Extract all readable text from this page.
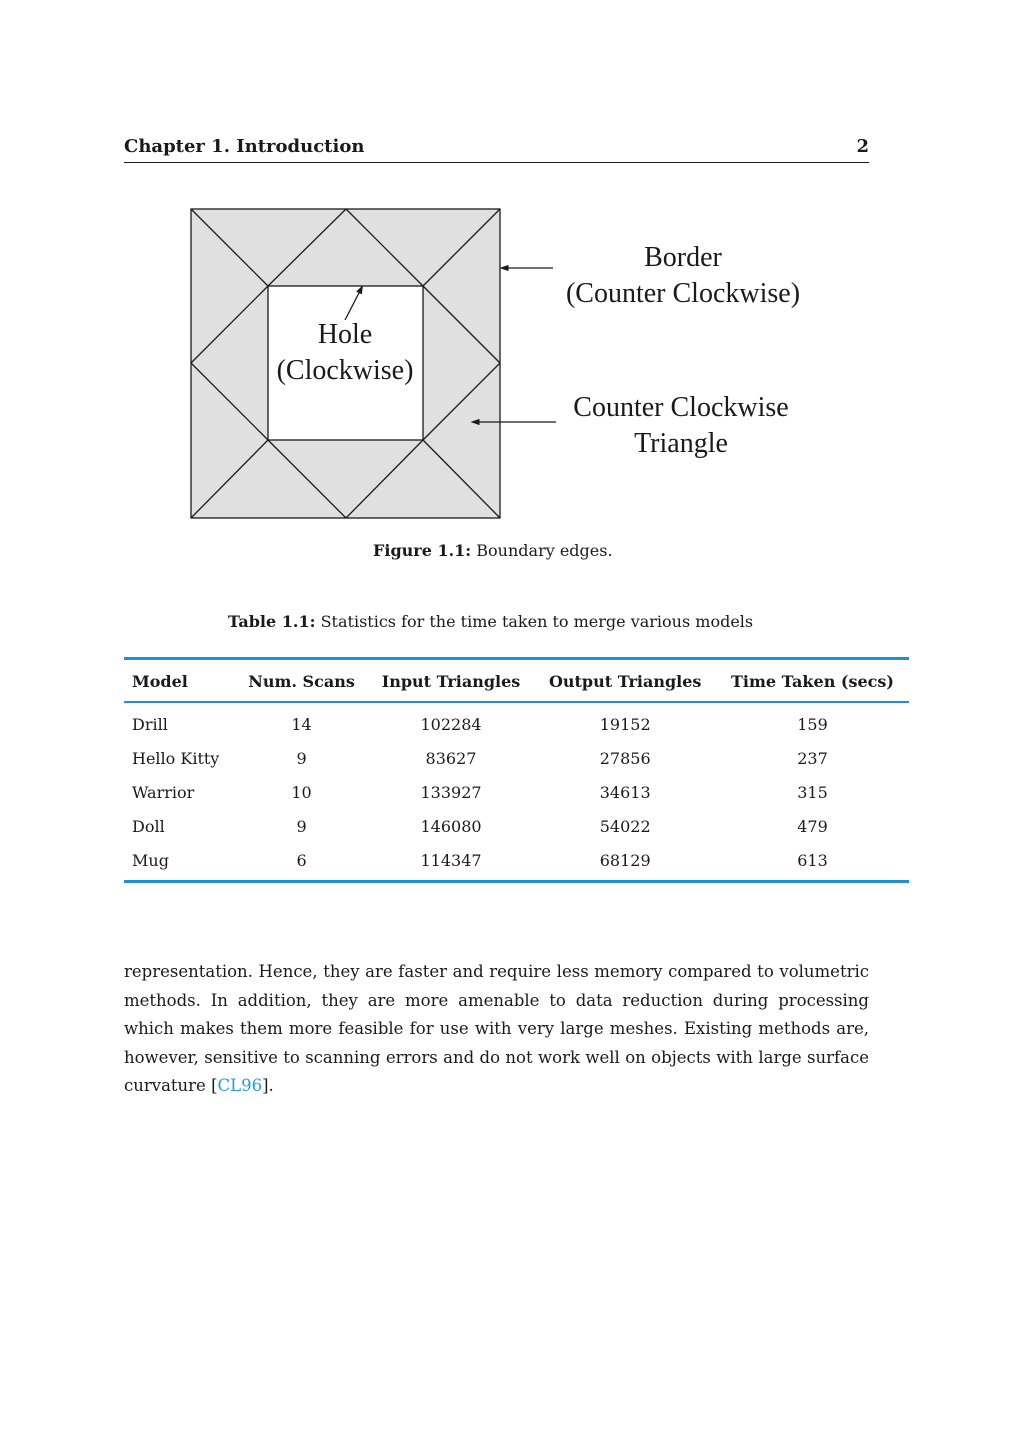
Chapter 1. Introduction	2
Border
(Counter Clockwise)
Hole
(Clockwise)
Counter Clockwise
Triangle
Figure 1.1: Boundary edges.
Table 1.1: Statistics for the time taken to merge various models
Model	Num. Scans	Input Triangles	Output Triangles	Time Taken (secs)
Drill	14	102284	19152	159
Hello Kitty	9	83627	27856	237
Warrior	10	133927	34613	315
Doll	9	146080	54022	479
Mug	6	114347	68129	613
representation. Hence, they are faster and require less memory compared to volumetric methods. In addition, they are more amenable to data reduction during processing which makes them more feasible for use with very large meshes. Existing methods are, however, sensitive to scanning errors and do not work well on objects with large surface curvature [CL96].
